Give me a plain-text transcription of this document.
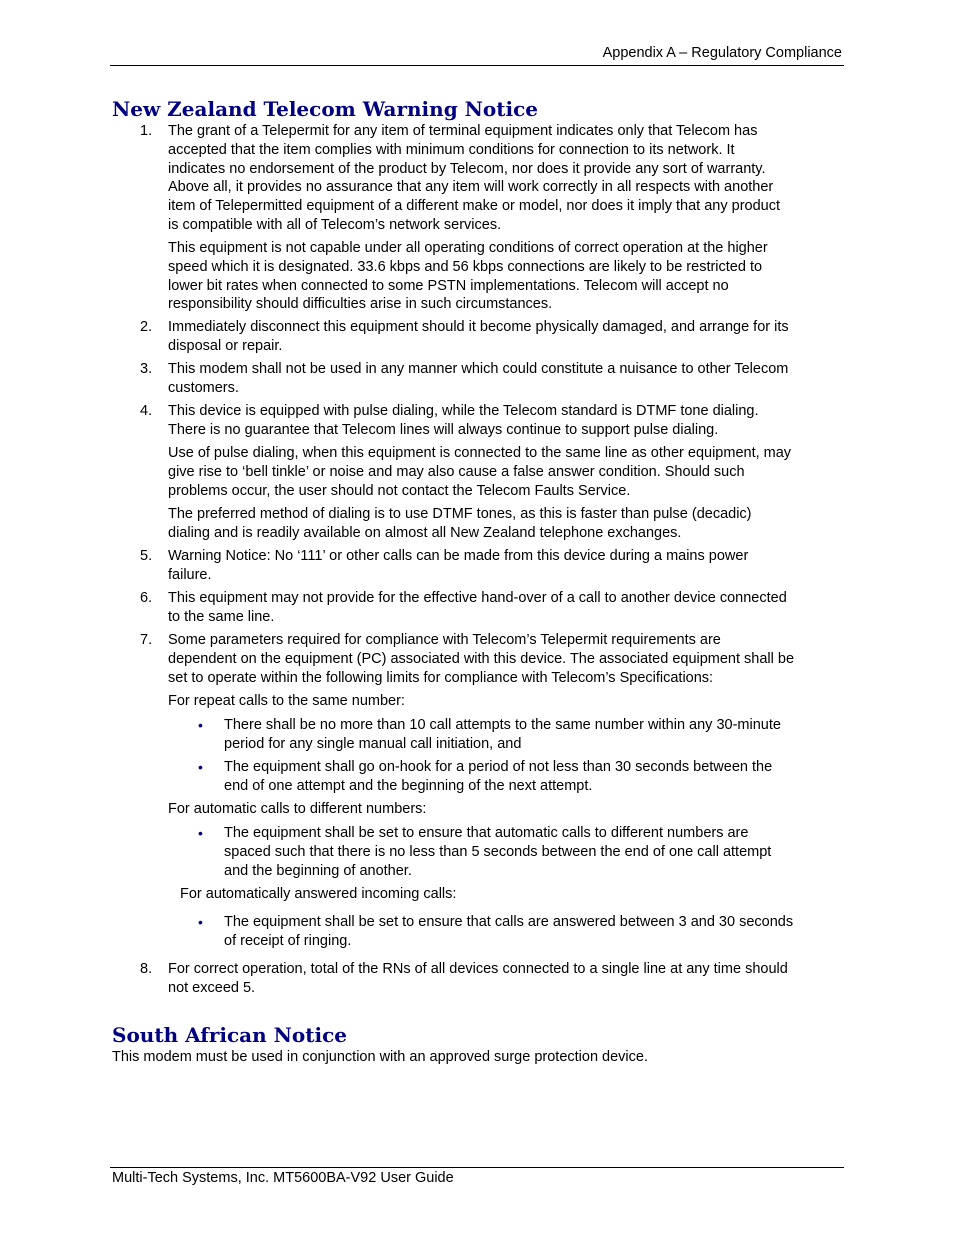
Appendix A – Regulatory Compliance
New Zealand Telecom Warning Notice
1. The grant of a Telepermit for any item of terminal equipment indicates only that Telecom has
accepted that the item complies with minimum conditions for connection to its network. It
indicates no endorsement of the product by Telecom, nor does it provide any sort of warranty.
Above all, it provides no assurance that any item will work correctly in all respects with another
item of Telepermitted equipment of a different make or model, nor does it imply that any product
is compatible with all of Telecom’s network services.
This equipment is not capable under all operating conditions of correct operation at the higher
speed which it is designated. 33.6 kbps and 56 kbps connections are likely to be restricted to
lower bit rates when connected to some PSTN implementations. Telecom will accept no
responsibility should difficulties arise in such circumstances.
2. Immediately disconnect this equipment should it become physically damaged, and arrange for its
disposal or repair.
3. This modem shall not be used in any manner which could constitute a nuisance to other Telecom
customers.
4. This device is equipped with pulse dialing, while the Telecom standard is DTMF tone dialing.
There is no guarantee that Telecom lines will always continue to support pulse dialing.
Use of pulse dialing, when this equipment is connected to the same line as other equipment, may
give rise to ‘bell tinkle’ or noise and may also cause a false answer condition. Should such
problems occur, the user should not contact the Telecom Faults Service.
The preferred method of dialing is to use DTMF tones, as this is faster than pulse (decadic)
dialing and is readily available on almost all New Zealand telephone exchanges.
5. Warning Notice: No ‘111’ or other calls can be made from this device during a mains power
failure.
6. This equipment may not provide for the effective hand-over of a call to another device connected
to the same line.
7. Some parameters required for compliance with Telecom’s Telepermit requirements are
dependent on the equipment (PC) associated with this device. The associated equipment shall be
set to operate within the following limits for compliance with Telecom’s Specifications:
For repeat calls to the same number:
• There shall be no more than 10 call attempts to the same number within any 30-minute
period for any single manual call initiation, and
• The equipment shall go on-hook for a period of not less than 30 seconds between the
end of one attempt and the beginning of the next attempt.
For automatic calls to different numbers:
• The equipment shall be set to ensure that automatic calls to different numbers are
spaced such that there is no less than 5 seconds between the end of one call attempt
and the beginning of another.
For automatically answered incoming calls:
• The equipment shall be set to ensure that calls are answered between 3 and 30 seconds
of receipt of ringing.
8. For correct operation, total of the RNs of all devices connected to a single line at any time should
not exceed 5.
South African Notice
This modem must be used in conjunction with an approved surge protection device.
Multi-Tech Systems, Inc. MT5600BA-V92 User Guide
